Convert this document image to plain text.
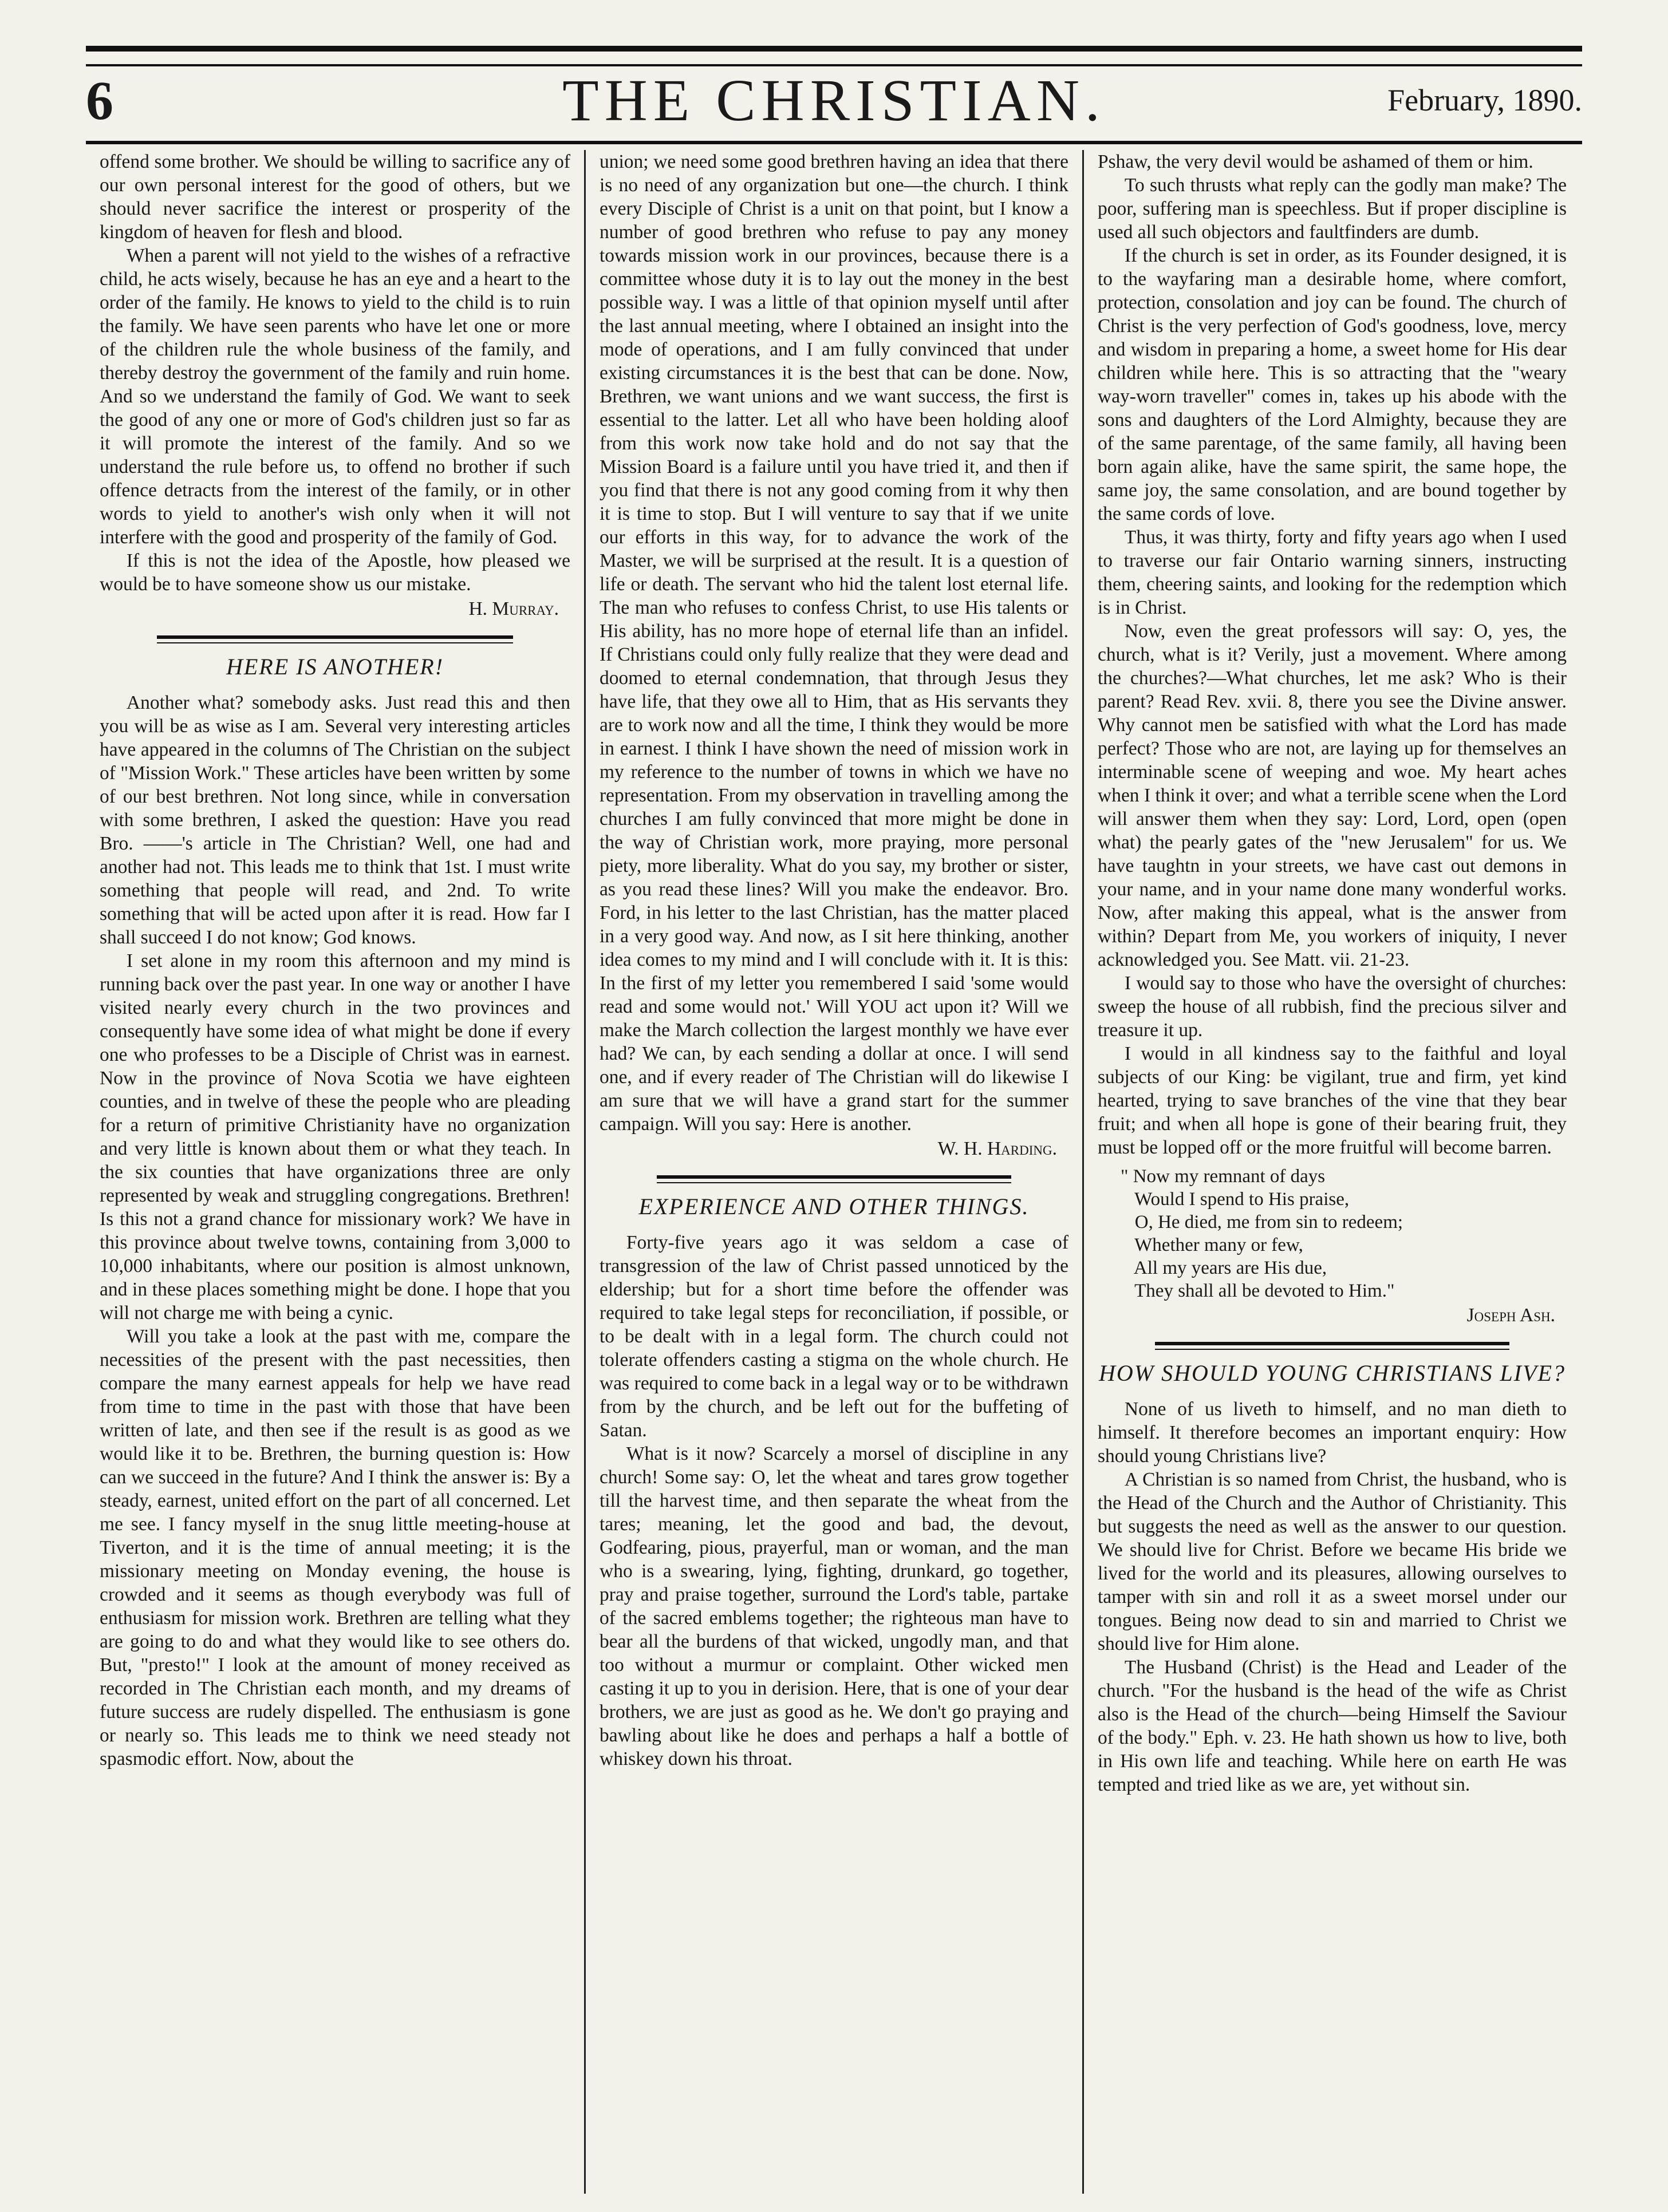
6	THE CHRISTIAN.	February, 1890.

offend some brother. We should be willing to sacrifice any of our own personal interest for the good of others, but we should never sacrifice the interest or prosperity of the kingdom of heaven for flesh and blood.

When a parent will not yield to the wishes of a refractive child, he acts wisely, because he has an eye and a heart to the order of the family. He knows to yield to the child is to ruin the family. We have seen parents who have let one or more of the children rule the whole business of the family, and thereby destroy the government of the family and ruin home. And so we understand the family of God. We want to seek the good of any one or more of God's children just so far as it will promote the interest of the family. And so we understand the rule before us, to offend no brother if such offence detracts from the interest of the family, or in other words to yield to another's wish only when it will not interfere with the good and prosperity of the family of God.

If this is not the idea of the Apostle, how pleased we would be to have someone show us our mistake.

H. Murray.
HERE IS ANOTHER!

Another what? somebody asks. Just read this and then you will be as wise as I am. Several very interesting articles have appeared in the columns of The Christian on the subject of "Mission Work." These articles have been written by some of our best brethren. Not long since, while in conversation with some brethren, I asked the question: Have you read Bro. ——'s article in The Christian? Well, one had and another had not. This leads me to think that 1st. I must write something that people will read, and 2nd. To write something that will be acted upon after it is read. How far I shall succeed I do not know; God knows.

I set alone in my room this afternoon and my mind is running back over the past year. In one way or another I have visited nearly every church in the two provinces and consequently have some idea of what might be done if every one who professes to be a Disciple of Christ was in earnest. Now in the province of Nova Scotia we have eighteen counties, and in twelve of these the people who are pleading for a return of primitive Christianity have no organization and very little is known about them or what they teach. In the six counties that have organizations three are only represented by weak and struggling congregations. Brethren! Is this not a grand chance for missionary work? We have in this province about twelve towns, containing from 3,000 to 10,000 inhabitants, where our position is almost unknown, and in these places something might be done. I hope that you will not charge me with being a cynic.

Will you take a look at the past with me, compare the necessities of the present with the past necessities, then compare the many earnest appeals for help we have read from time to time in the past with those that have been written of late, and then see if the result is as good as we would like it to be. Brethren, the burning question is: How can we succeed in the future? And I think the answer is: By a steady, earnest, united effort on the part of all concerned. Let me see. I fancy myself in the snug little meeting-house at Tiverton, and it is the time of annual meeting; it is the missionary meeting on Monday evening, the house is crowded and it seems as though everybody was full of enthusiasm for mission work. Brethren are telling what they are going to do and what they would like to see others do. But, "presto!" I look at the amount of money received as recorded in The Christian each month, and my dreams of future success are rudely dispelled. The enthusiasm is gone or nearly so. This leads me to think we need steady not spasmodic effort. Now, about the

union; we need some good brethren having an idea that there is no need of any organization but one—the church. I think every Disciple of Christ is a unit on that point, but I know a number of good brethren who refuse to pay any money towards mission work in our provinces, because there is a committee whose duty it is to lay out the money in the best possible way. I was a little of that opinion myself until after the last annual meeting, where I obtained an insight into the mode of operations, and I am fully convinced that under existing circumstances it is the best that can be done. Now, Brethren, we want unions and we want success, the first is essential to the latter. Let all who have been holding aloof from this work now take hold and do not say that the Mission Board is a failure until you have tried it, and then if you find that there is not any good coming from it why then it is time to stop. But I will venture to say that if we unite our efforts in this way, for to advance the work of the Master, we will be surprised at the result. It is a question of life or death. The servant who hid the talent lost eternal life. The man who refuses to confess Christ, to use His talents or His ability, has no more hope of eternal life than an infidel. If Christians could only fully realize that they were dead and doomed to eternal condemnation, that through Jesus they have life, that they owe all to Him, that as His servants they are to work now and all the time, I think they would be more in earnest. I think I have shown the need of mission work in my reference to the number of towns in which we have no representation. From my observation in travelling among the churches I am fully convinced that more might be done in the way of Christian work, more praying, more personal piety, more liberality. What do you say, my brother or sister, as you read these lines? Will you make the endeavor. Bro. Ford, in his letter to the last Christian, has the matter placed in a very good way. And now, as I sit here thinking, another idea comes to my mind and I will conclude with it. It is this: In the first of my letter you remembered I said 'some would read and some would not.' Will YOU act upon it? Will we make the March collection the largest monthly we have ever had? We can, by each sending a dollar at once. I will send one, and if every reader of The Christian will do likewise I am sure that we will have a grand start for the summer campaign. Will you say: Here is another.

W. H. Harding.
EXPERIENCE AND OTHER THINGS.

Forty-five years ago it was seldom a case of transgression of the law of Christ passed unnoticed by the eldership; but for a short time before the offender was required to take legal steps for reconciliation, if possible, or to be dealt with in a legal form. The church could not tolerate offenders casting a stigma on the whole church. He was required to come back in a legal way or to be withdrawn from by the church, and be left out for the buffeting of Satan.

What is it now? Scarcely a morsel of discipline in any church! Some say: O, let the wheat and tares grow together till the harvest time, and then separate the wheat from the tares; meaning, let the good and bad, the devout, Godfearing, pious, prayerful, man or woman, and the man who is a swearing, lying, fighting, drunkard, go together, pray and praise together, surround the Lord's table, partake of the sacred emblems together; the righteous man have to bear all the burdens of that wicked, ungodly man, and that too without a murmur or complaint. Other wicked men casting it up to you in derision. Here, that is one of your dear brothers, we are just as good as he. We don't go praying and bawling about like he does and perhaps a half a bottle of whiskey down his throat.

Pshaw, the very devil would be ashamed of them or him.

To such thrusts what reply can the godly man make? The poor, suffering man is speechless. But if proper discipline is used all such objectors and faultfinders are dumb.

If the church is set in order, as its Founder designed, it is to the wayfaring man a desirable home, where comfort, protection, consolation and joy can be found. The church of Christ is the very perfection of God's goodness, love, mercy and wisdom in preparing a home, a sweet home for His dear children while here. This is so attracting that the "weary way-worn traveller" comes in, takes up his abode with the sons and daughters of the Lord Almighty, because they are of the same parentage, of the same family, all having been born again alike, have the same spirit, the same hope, the same joy, the same consolation, and are bound together by the same cords of love.

Thus, it was thirty, forty and fifty years ago when I used to traverse our fair Ontario warning sinners, instructing them, cheering saints, and looking for the redemption which is in Christ.

Now, even the great professors will say: O, yes, the church, what is it? Verily, just a movement. Where among the churches?—What churches, let me ask? Who is their parent? Read Rev. xvii. 8, there you see the Divine answer. Why cannot men be satisfied with what the Lord has made perfect? Those who are not, are laying up for themselves an interminable scene of weeping and woe. My heart aches when I think it over; and what a terrible scene when the Lord will answer them when they say: Lord, Lord, open (open what) the pearly gates of the "new Jerusalem" for us. We have taughtn in your streets, we have cast out demons in your name, and in your name done many wonderful works. Now, after making this appeal, what is the answer from within? Depart from Me, you workers of iniquity, I never acknowledged you. See Matt. vii. 21-23.

I would say to those who have the oversight of churches: sweep the house of all rubbish, find the precious silver and treasure it up.

I would in all kindness say to the faithful and loyal subjects of our King: be vigilant, true and firm, yet kind hearted, trying to save branches of the vine that they bear fruit; and when all hope is gone of their bearing fruit, they must be lopped off or the more fruitful will become barren.

" Now my remnant of days
Would I spend to His praise,
O, He died, me from sin to redeem;
Whether many or few,
All my years are His due,
They shall all be devoted to Him."
Joseph Ash.
HOW SHOULD YOUNG CHRISTIANS LIVE?

None of us liveth to himself, and no man dieth to himself. It therefore becomes an important enquiry: How should young Christians live?

A Christian is so named from Christ, the husband, who is the Head of the Church and the Author of Christianity. This but suggests the need as well as the answer to our question. We should live for Christ. Before we became His bride we lived for the world and its pleasures, allowing ourselves to tamper with sin and roll it as a sweet morsel under our tongues. Being now dead to sin and married to Christ we should live for Him alone.

The Husband (Christ) is the Head and Leader of the church. "For the husband is the head of the wife as Christ also is the Head of the church—being Himself the Saviour of the body." Eph. v. 23. He hath shown us how to live, both in His own life and teaching. While here on earth He was tempted and tried like as we are, yet without sin.
